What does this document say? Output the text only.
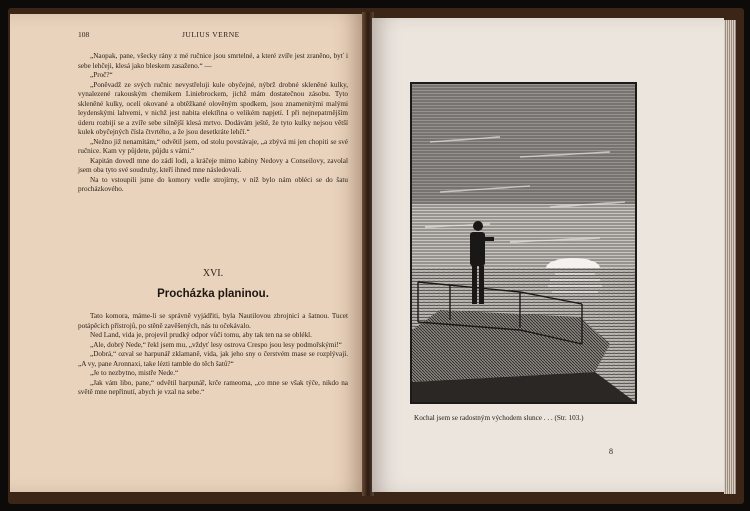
108	JULIUS VERNE

„Naopak, pane, všecky rány z mé ručnice jsou smrtelné, a které zvíře jest zraněno, byť i sebe lehčeji, klesá jako bleskem zasaženo.“ —

„Proč?“

„Poněvadž ze svých ručnic nevystřeluji kule obyčejné, nýbrž drobné skleněné kulky, vynalezené rakouským chemikem Liniebrockem, jichž mám dostatečnou zásobu. Tyto skleněné kulky, ocelí okované a obtěžkané olověným spodkem, jsou znamenitými malými leydenskými lahvemi, v nichž jest nabita elektřina o velikém napjetí. I při nejnepatrnějším úderu rozbijí se a zvíře sebe silnější klesá mrtvo. Dodávám ještě, že tyto kulky nejsou větší kulek obyčejných čísla čtvrtého, a že jsou desetkráte lehčí.“

„Nežno již nenamítám,“ odvětil jsem, od stolu povstávaje, „a zbývá mi jen chopiti se své ručnice. Kam vy půjdete, půjdu s vámi.“

Kapitán dovedl mne do zádí lodi, a kráčeje mimo kabiny Nedovy a Conseilovy, zavolal jsem oba tyto své soudruhy, kteří ihned mne následovali.

Na to vstoupili jsme do komory vedle strojírny, v níž bylo nám obléci se do šatu procházkového.

XVI.
Procházka planinou.

Tato komora, máme-li se správně vyjádřiti, byla Nautilovou zbrojnicí a šatnou. Tucet potápěcích přístrojů, po stěně zavěšených, nás tu očekávalo.

Ned Land, vida je, projevil prudký odpor vůči tomu, aby tak ten na se oblékl.

„Ale, dobrý Nede,“ řekl jsem mu, „vždyť lesy ostrova Crespo jsou lesy podmořskými!“

„Dobrá,“ ozval se harpunář zklamaně, vida, jak jeho sny o čerstvém mase se rozplývají. „A vy, pane Aronnaxi, take lézti tamble do těch šatů?“

„Je to nezbytno, mistře Nede.“

„Jak vám libo, pane,“ odvětil harpunář, krče rameoma, „co mne se však týče, nikdo na světě mne nepřinutí, abych je vzal na sebe.“

Kochal jsem se radostným východem slunce . . . (Str. 103.)
8
